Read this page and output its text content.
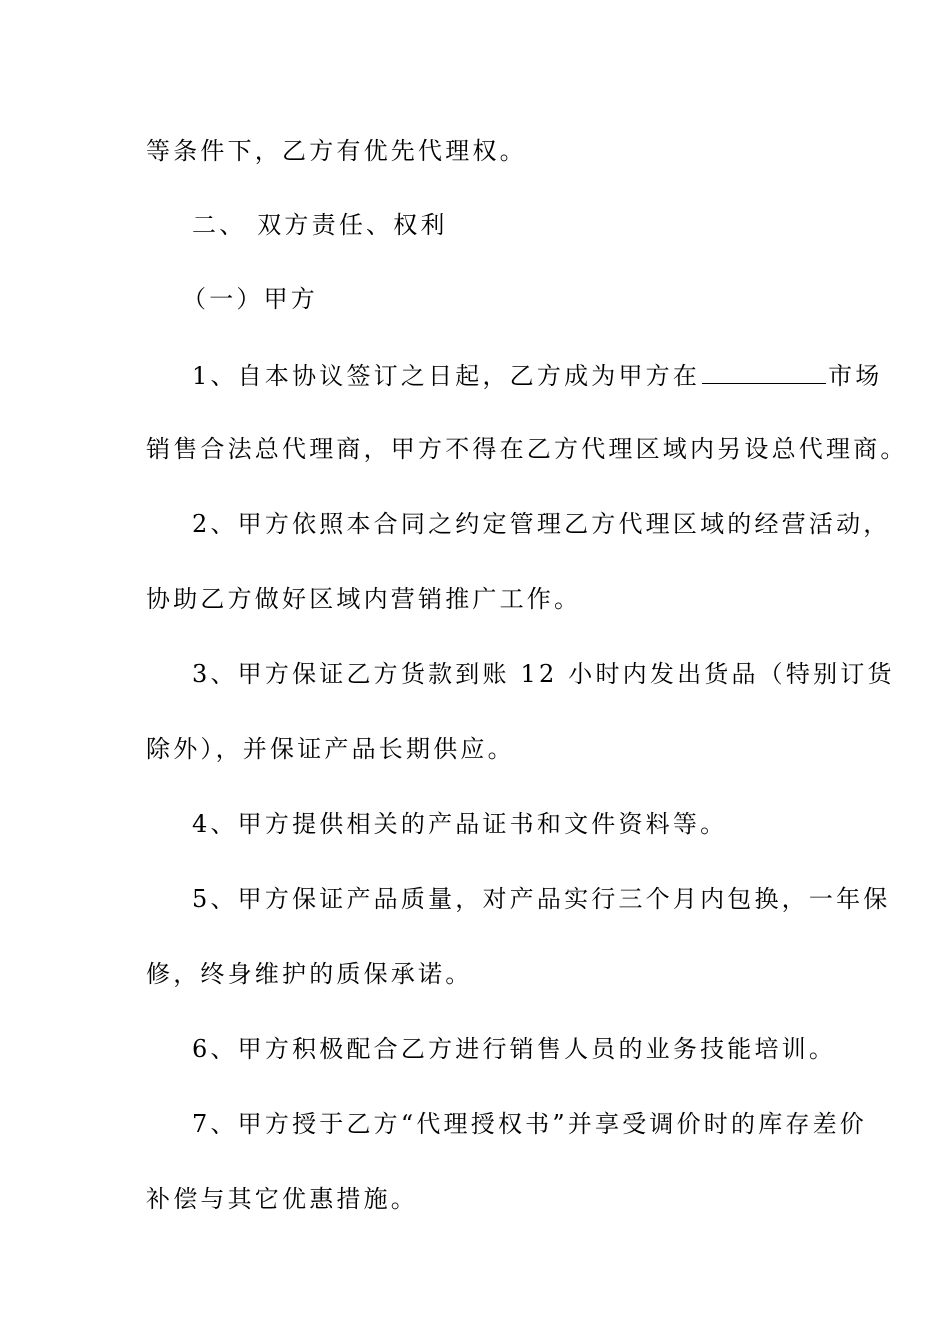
等条件下，乙方有优先代理权。
二、 双方责任、权利
（一）甲方
1、自本协议签订之日起，乙方成为甲方在	市场
销售合法总代理商，甲方不得在乙方代理区域内另设总代理商。
2、甲方依照本合同之约定管理乙方代理区域的经营活动，
协助乙方做好区域内营销推广工作。
3、甲方保证乙方货款到账 12 小时内发出货品（特别订货
除外），并保证产品长期供应。
4、甲方提供相关的产品证书和文件资料等。
5、甲方保证产品质量，对产品实行三个月内包换，一年保
修，终身维护的质保承诺。
6、甲方积极配合乙方进行销售人员的业务技能培训。
7、甲方授于乙方“代理授权书”并享受调价时的库存差价
补偿与其它优惠措施。
